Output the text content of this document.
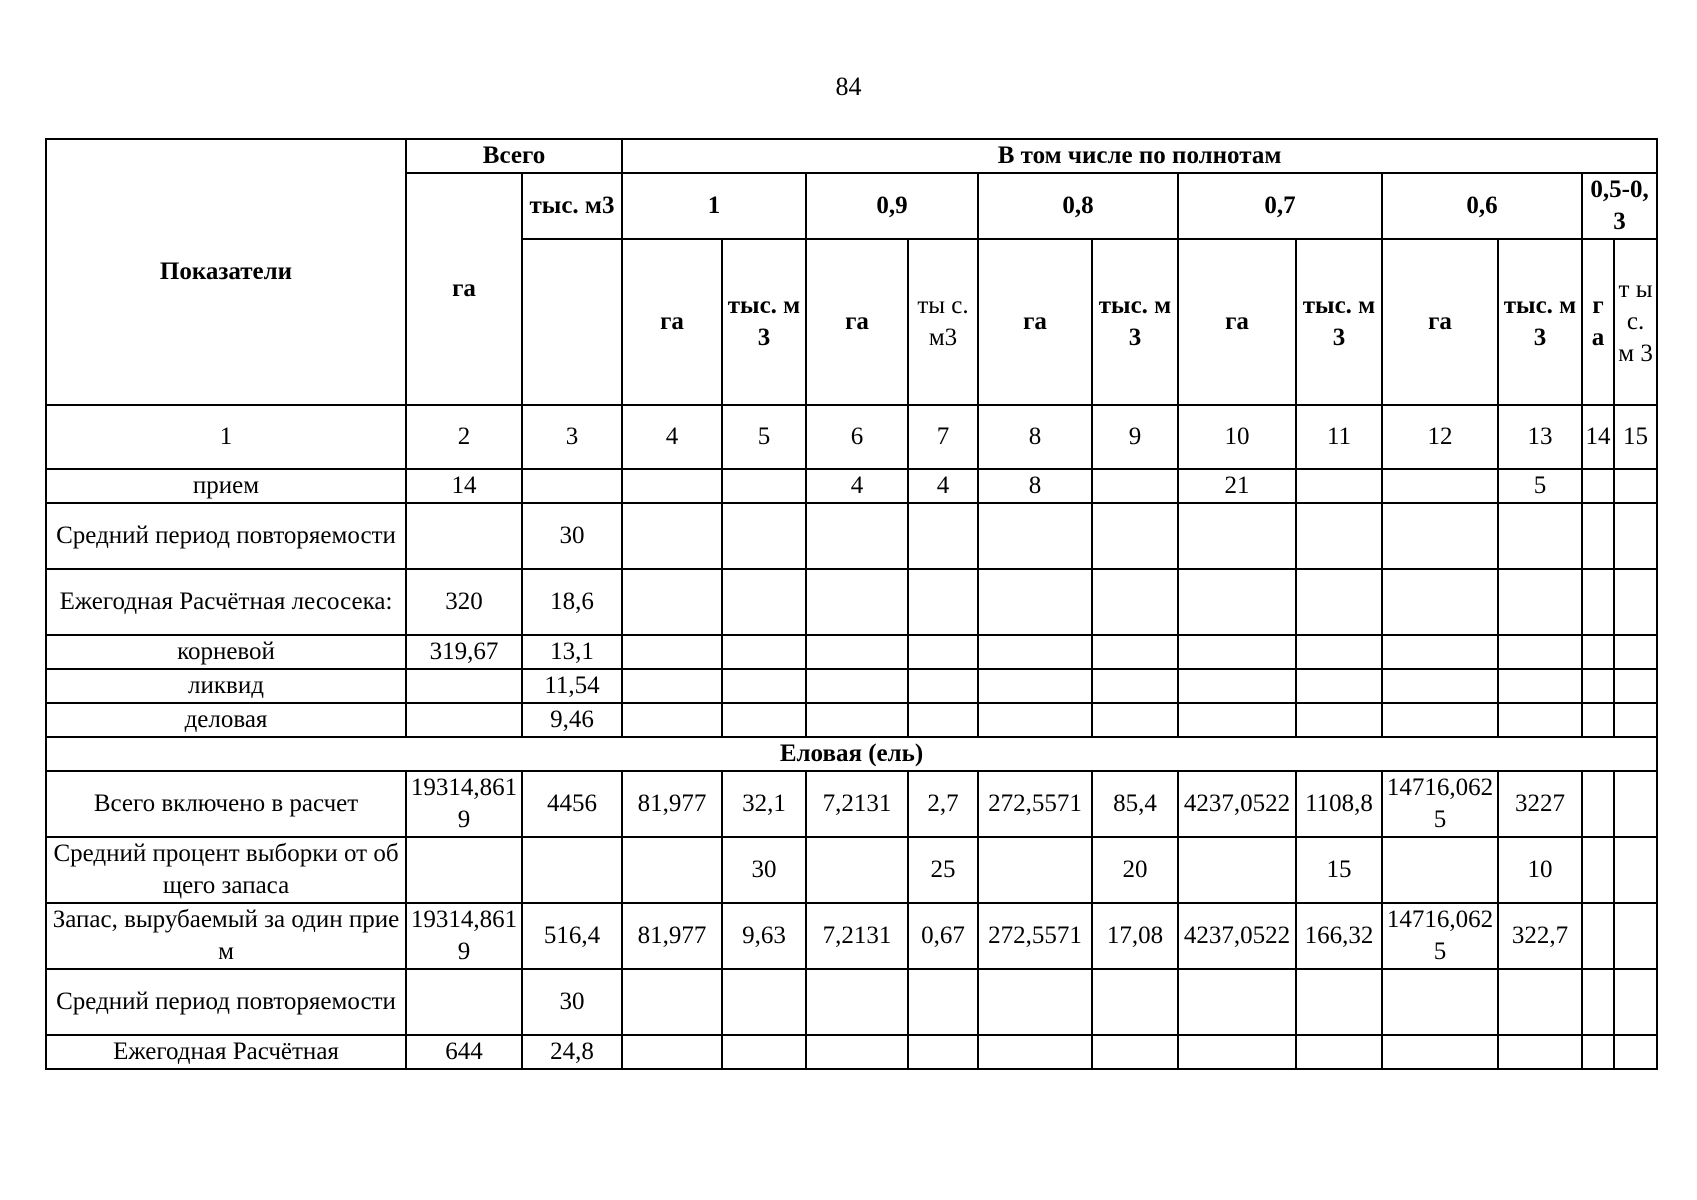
84
Показатели	Всего		В том числе по полнотам											
	га	тыс. м3	1		0,9		0,8		0,7		0,6		0,5-0,3	
			га	тыс. м3	га	ты с. м3	га	тыс. м3	га	тыс. м3	га	тыс. м3	г а	т ы с. м 3
1	2	3	4	5	6	7	8	9	10	11	12	13	14	15
прием	14				4	4	8		21			5		
Средний период повторяемости		30												
Ежегодная Расчётная лесосека:	320	18,6												
корневой	319,67	13,1												
ликвид		11,54												
деловая		9,46												
Еловая (ель)														
Всего включено в расчет	19314,8619	4456	81,977	32,1	7,2131	2,7	272,5571	85,4	4237,0522	1108,8	14716,0625	3227		
Средний процент выборки от общего запаса				30		25		20		15		10		
Запас, вырубаемый за один прием	19314,8619	516,4	81,977	9,63	7,2131	0,67	272,5571	17,08	4237,0522	166,32	14716,0625	322,7		
Средний период повторяемости		30												
Ежегодная Расчётная	644	24,8												
